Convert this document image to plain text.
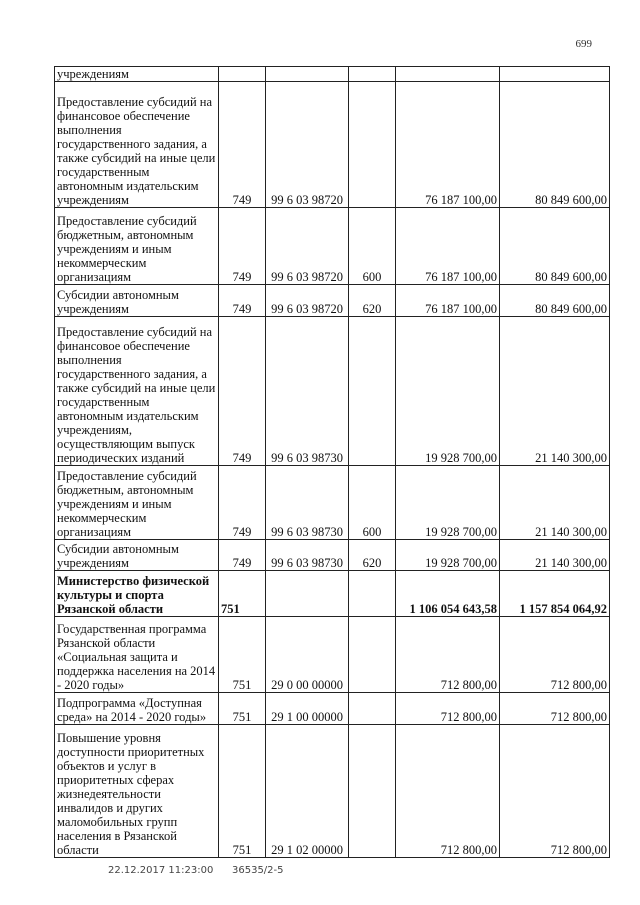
699
учреждениям					
Предоставление субсидий на финансовое обеспечение выполнения государственного задания, а также субсидий на иные цели государственным автономным издательским учреждениям	749	99 6 03 98720		76 187 100,00	80 849 600,00
Предоставление субсидий бюджетным, автономным учреждениям и иным некоммерческим организациям	749	99 6 03 98720	600	76 187 100,00	80 849 600,00
Субсидии автономным учреждениям	749	99 6 03 98720	620	76 187 100,00	80 849 600,00
Предоставление субсидий на финансовое обеспечение выполнения государственного задания, а также субсидий на иные цели государственным автономным издательским учреждениям, осуществляющим выпуск периодических изданий	749	99 6 03 98730		19 928 700,00	21 140 300,00
Предоставление субсидий бюджетным, автономным учреждениям и иным некоммерческим организациям	749	99 6 03 98730	600	19 928 700,00	21 140 300,00
Субсидии автономным учреждениям	749	99 6 03 98730	620	19 928 700,00	21 140 300,00
Министерство физической культуры и спорта Рязанской области	751			1 106 054 643,58	1 157 854 064,92
Государственная программа Рязанской области «Социальная защита и поддержка населения на 2014 - 2020 годы»	751	29 0 00 00000		712 800,00	712 800,00
Подпрограмма «Доступная среда» на 2014 - 2020 годы»	751	29 1 00 00000		712 800,00	712 800,00
Повышение уровня доступности приоритетных объектов и услуг в приоритетных сферах жизнедеятельности инвалидов и других маломобильных групп населения в Рязанской области	751	29 1 02 00000		712 800,00	712 800,00
22.12.2017 11:23:00 36535/2-5
